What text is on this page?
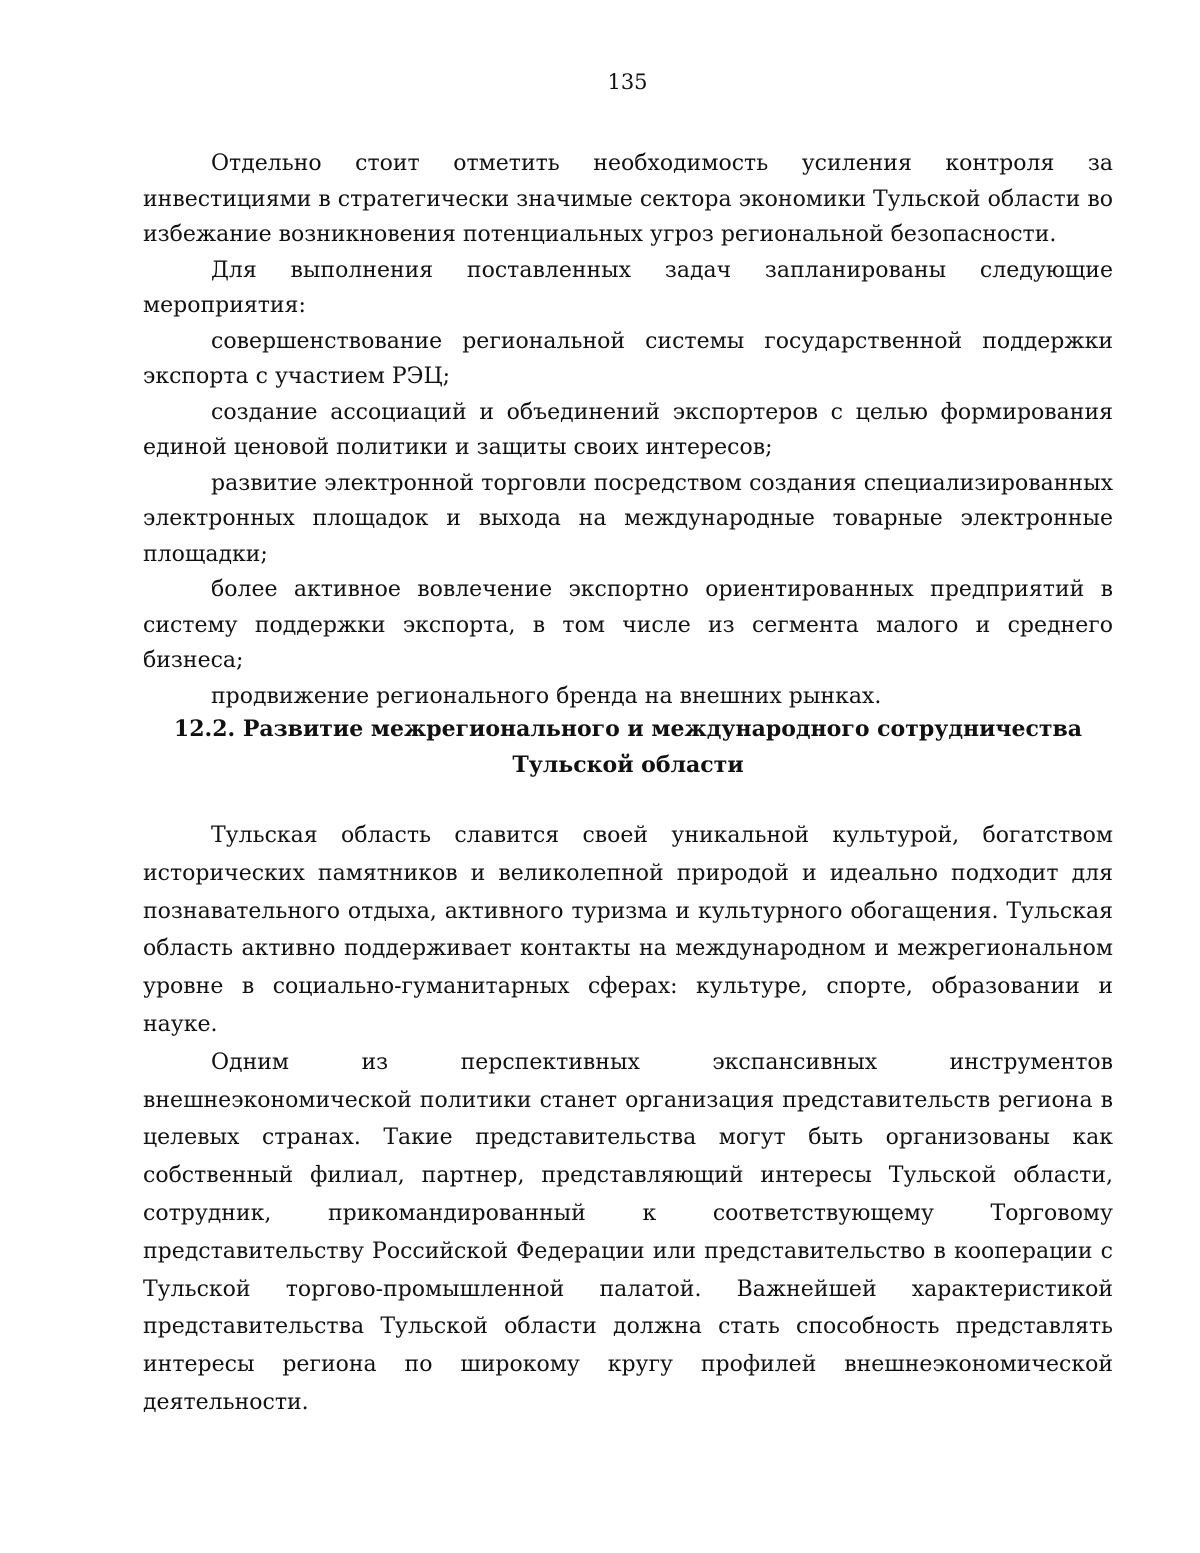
135

Отдельно стоит отметить необходимость усиления контроля за инвестициями в стратегически значимые сектора экономики Тульской области во избежание возникновения потенциальных угроз региональной безопасности.

Для выполнения поставленных задач запланированы следующие мероприятия:

совершенствование региональной системы государственной поддержки экспорта с участием РЭЦ;

создание ассоциаций и объединений экспортеров с целью формирования единой ценовой политики и защиты своих интересов;

развитие электронной торговли посредством создания специализированных электронных площадок и выхода на международные товарные электронные площадки;

более активное вовлечение экспортно ориентированных предприятий в систему поддержки экспорта, в том числе из сегмента малого и среднего бизнеса;

продвижение регионального бренда на внешних рынках.

12.2. Развитие межрегионального и международного сотрудничества
Тульской области

Тульская область славится своей уникальной культурой, богатством исторических памятников и великолепной природой и идеально подходит для познавательного отдыха, активного туризма и культурного обогащения. Тульская область активно поддерживает контакты на международном и межрегиональном уровне в социально-гуманитарных сферах: культуре, спорте, образовании и науке.

Одним из перспективных экспансивных инструментов внешнеэкономической политики станет организация представительств региона в целевых странах. Такие представительства могут быть организованы как собственный филиал, партнер, представляющий интересы Тульской области, сотрудник, прикомандированный к соответствующему Торговому представительству Российской Федерации или представительство в кооперации с Тульской торгово-промышленной палатой. Важнейшей характеристикой представительства Тульской области должна стать способность представлять интересы региона по широкому кругу профилей внешнеэкономической деятельности.
